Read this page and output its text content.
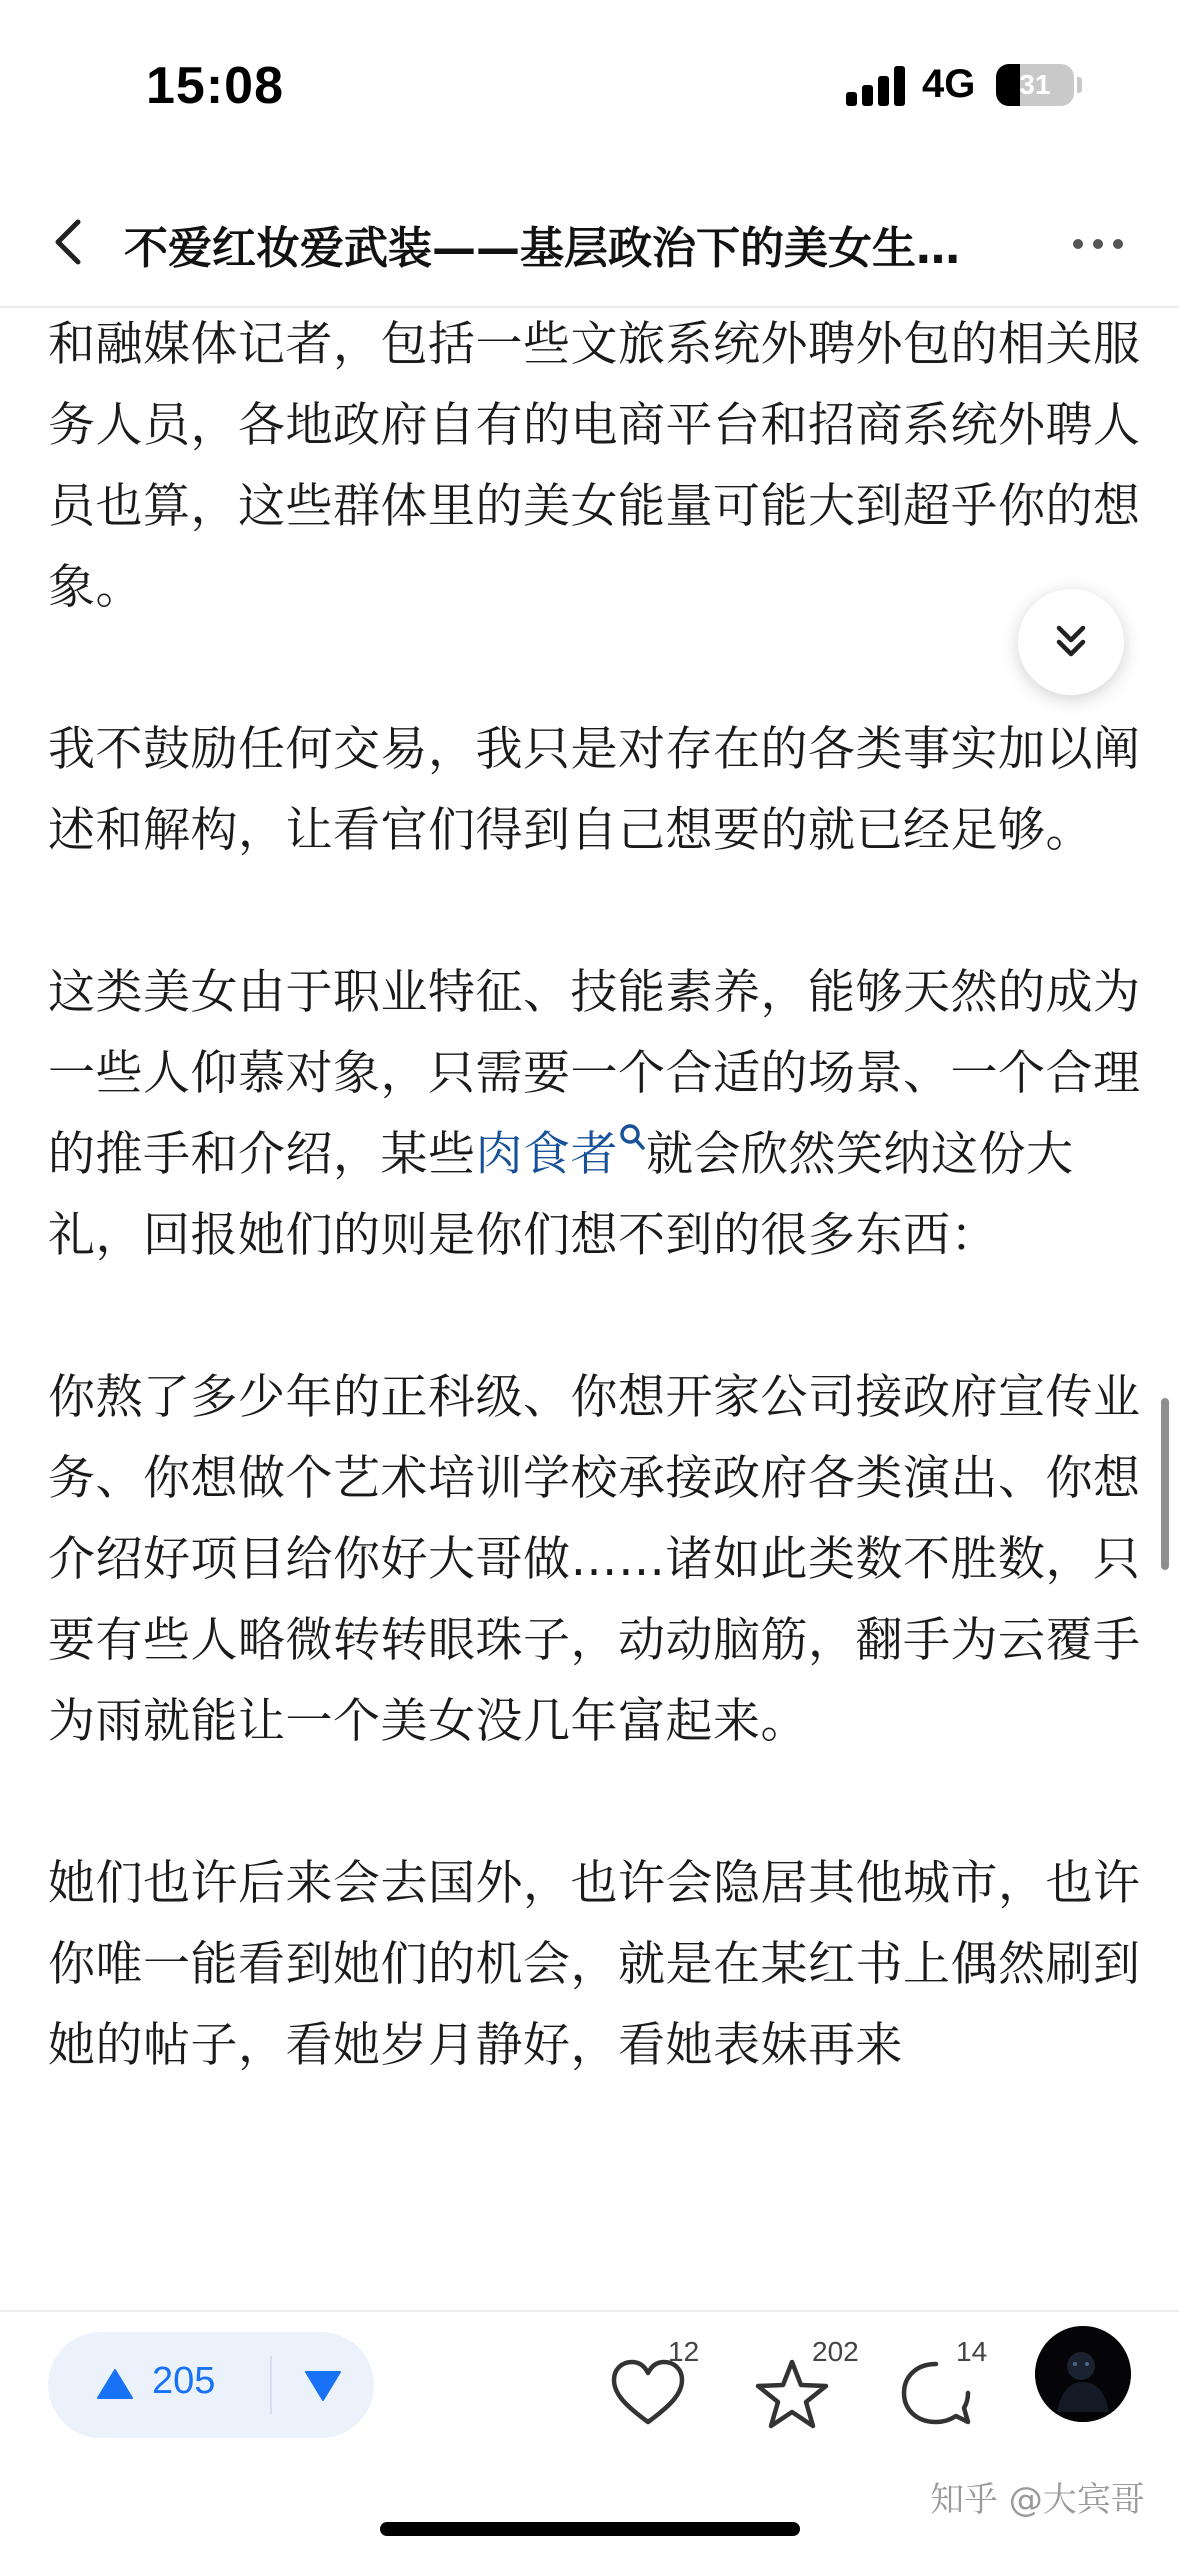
15:08	4G	31
不爱红妆爱武装——基层政治下的美女生…

和融媒体记者，包括一些文旅系统外聘外包的相关服务人员，各地政府自有的电商平台和招商系统外聘人员也算，这些群体里的美女能量可能大到超乎你的想象。

我不鼓励任何交易，我只是对存在的各类事实加以阐述和解构，让看官们得到自己想要的就已经足够。

这类美女由于职业特征、技能素养，能够天然的成为一些人仰慕对象，只需要一个合适的场景、一个合理的推手和介绍，某些肉食者 就会欣然笑纳这份大礼，回报她们的则是你们想不到的很多东西：

你熬了多少年的正科级、你想开家公司接政府宣传业务、你想做个艺术培训学校承接政府各类演出、你想介绍好项目给你好大哥做……诸如此类数不胜数，只要有些人略微转转眼珠子，动动脑筋，翻手为云覆手为雨就能让一个美女没几年富起来。

她们也许后来会去国外，也许会隐居其他城市，也许你唯一能看到她们的机会，就是在某红书上偶然刷到她的帖子，看她岁月静好，看她表妹再来

205
12	202	14
知乎 @大宾哥
